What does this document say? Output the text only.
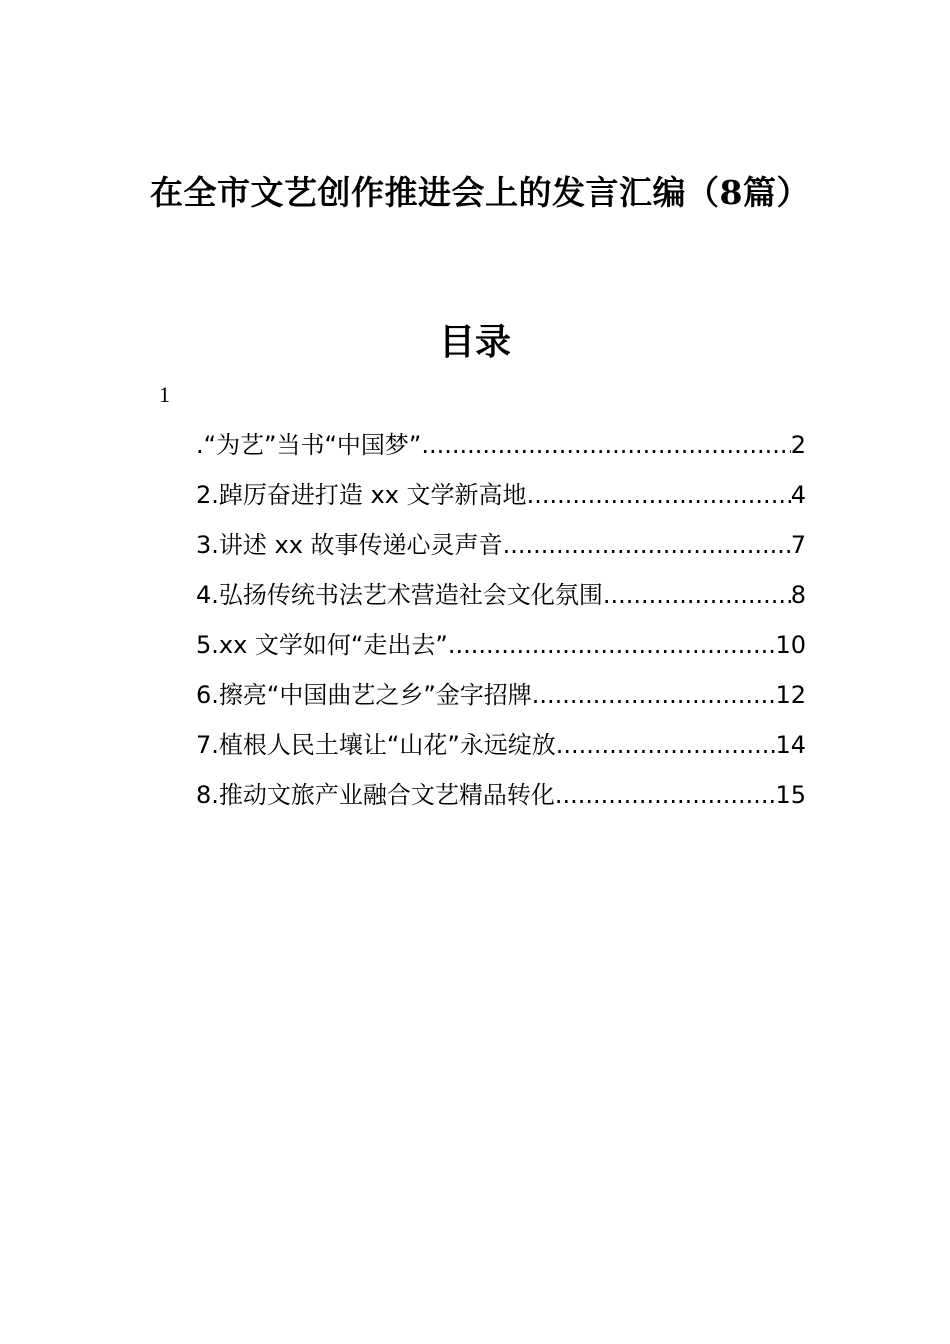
在全市文艺创作推进会上的发言汇编（8篇）
目录
1
.“为艺”当书“中国梦” .....	2
2.踔厉奋进打造 xx 文学新高地 .....	4
3.讲述 xx 故事传递心灵声音 .....	7
4.弘扬传统书法艺术营造社会文化氛围 .....	8
5.xx 文学如何“走出去” .....	10
6.擦亮“中国曲艺之乡”金字招牌 .....	12
7.植根人民土壤让“山花”永远绽放 .....	14
8.推动文旅产业融合文艺精品转化 .....	15
